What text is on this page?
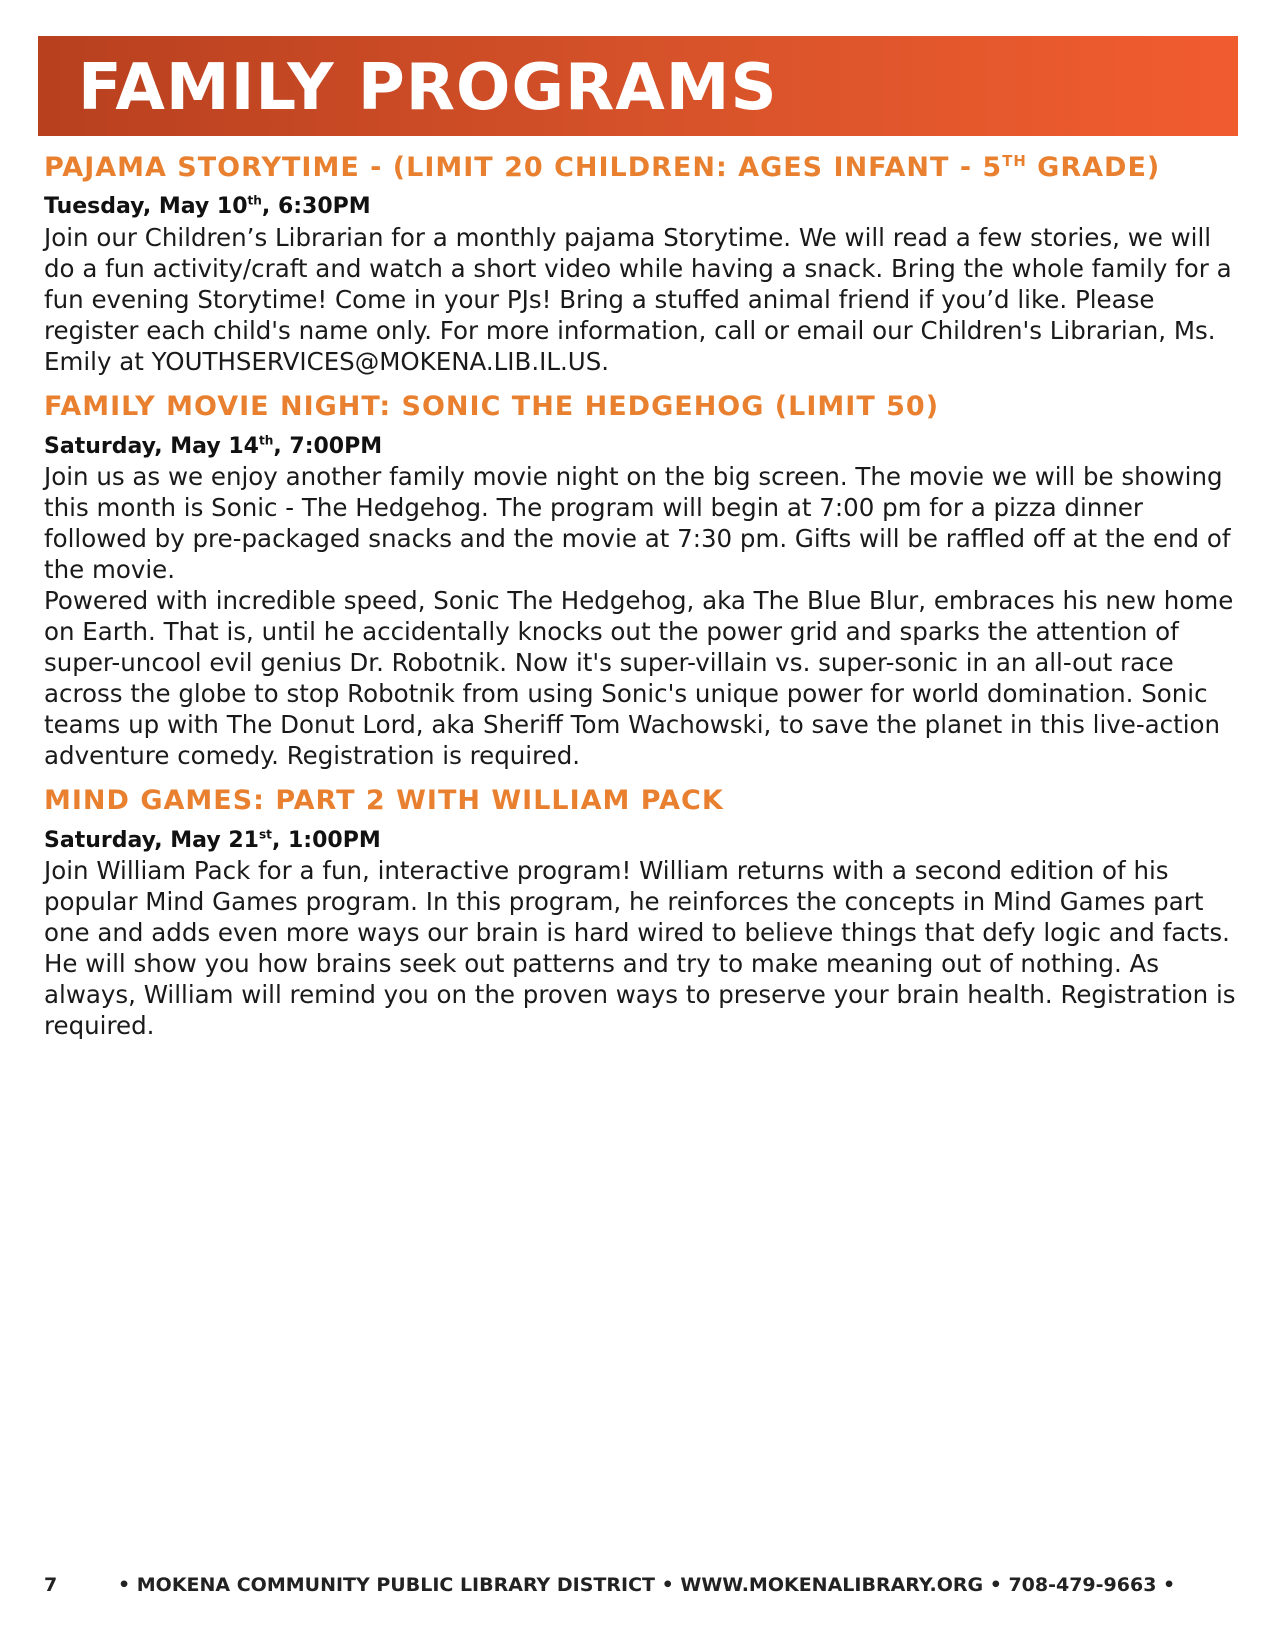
FAMILY PROGRAMS
PAJAMA STORYTIME - (LIMIT 20 CHILDREN: AGES INFANT - 5TH GRADE)

Tuesday, May 10th, 6:30PM

Join our Children’s Librarian for a monthly pajama Storytime. We will read a few stories, we will do a fun activity/craft and watch a short video while having a snack. Bring the whole family for a fun evening Storytime! Come in your PJs! Bring a stuffed animal friend if you’d like. Please register each child's name only. For more information, call or email our Children's Librarian, Ms. Emily at YOUTHSERVICES@MOKENA.LIB.IL.US.

FAMILY MOVIE NIGHT: SONIC THE HEDGEHOG (LIMIT 50)

Saturday, May 14th, 7:00PM

Join us as we enjoy another family movie night on the big screen. The movie we will be showing this month is Sonic - The Hedgehog. The program will begin at 7:00 pm for a pizza dinner followed by pre-packaged snacks and the movie at 7:30 pm. Gifts will be raffled off at the end of the movie.

Powered with incredible speed, Sonic The Hedgehog, aka The Blue Blur, embraces his new home on Earth. That is, until he accidentally knocks out the power grid and sparks the attention of super-uncool evil genius Dr. Robotnik. Now it's super-villain vs. super-sonic in an all-out race across the globe to stop Robotnik from using Sonic's unique power for world domination. Sonic teams up with The Donut Lord, aka Sheriff Tom Wachowski, to save the planet in this live-action adventure comedy. Registration is required.

MIND GAMES: PART 2 WITH WILLIAM PACK

Saturday, May 21st, 1:00PM

Join William Pack for a fun, interactive program! William returns with a second edition of his popular Mind Games program. In this program, he reinforces the concepts in Mind Games part one and adds even more ways our brain is hard wired to believe things that defy logic and facts. He will show you how brains seek out patterns and try to make meaning out of nothing. As always, William will remind you on the proven ways to preserve your brain health. Registration is required.

7	• MOKENA COMMUNITY PUBLIC LIBRARY DISTRICT • WWW.MOKENALIBRARY.ORG • 708-479-9663 •
